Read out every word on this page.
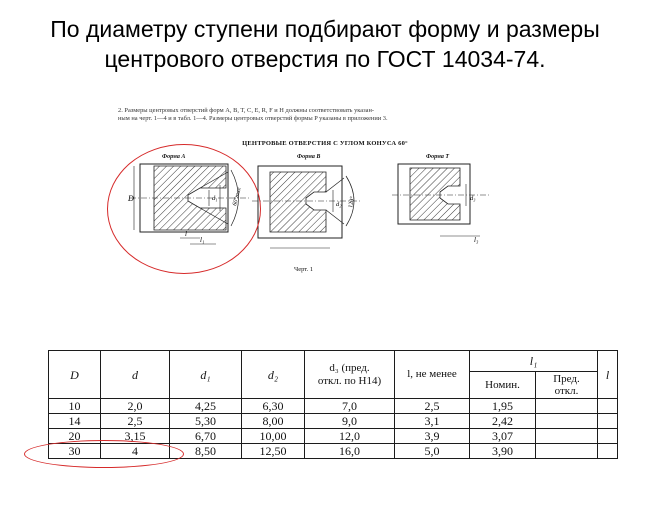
По диаметру ступени подбирают форму и размеры
центрового отверстия по ГОСТ 14034-74.
2. Размеры центровых отверстий форм A, B, T, C, E, R, F и H должны соответствовать указан-
ным на черт. 1—4 и в табл. 1—4. Размеры центровых отверстий формы P указаны в приложении 3.
ЦЕНТРОВЫЕ ОТВЕРСТИЯ С УГЛОМ КОНУСА 60°
Форма A	Форма B	Форма T
D
l
l₁
d₁ 60°max	d₂ 120°	d₃
l₃
Черт. 1
D	d	d₁	d₂	d₃ (пред.
откл. по Н14)	l, не менее	l₁		l
						Номин.	Пред.
откл.	

10	2,0	4,25	6,30	7,0	2,5	1,95		
14	2,5	5,30	8,00	9,0	3,1	2,42		
20	3,15	6,70	10,00	12,0	3,9	3,07		
30	4	8,50	12,50	16,0	5,0	3,90		
